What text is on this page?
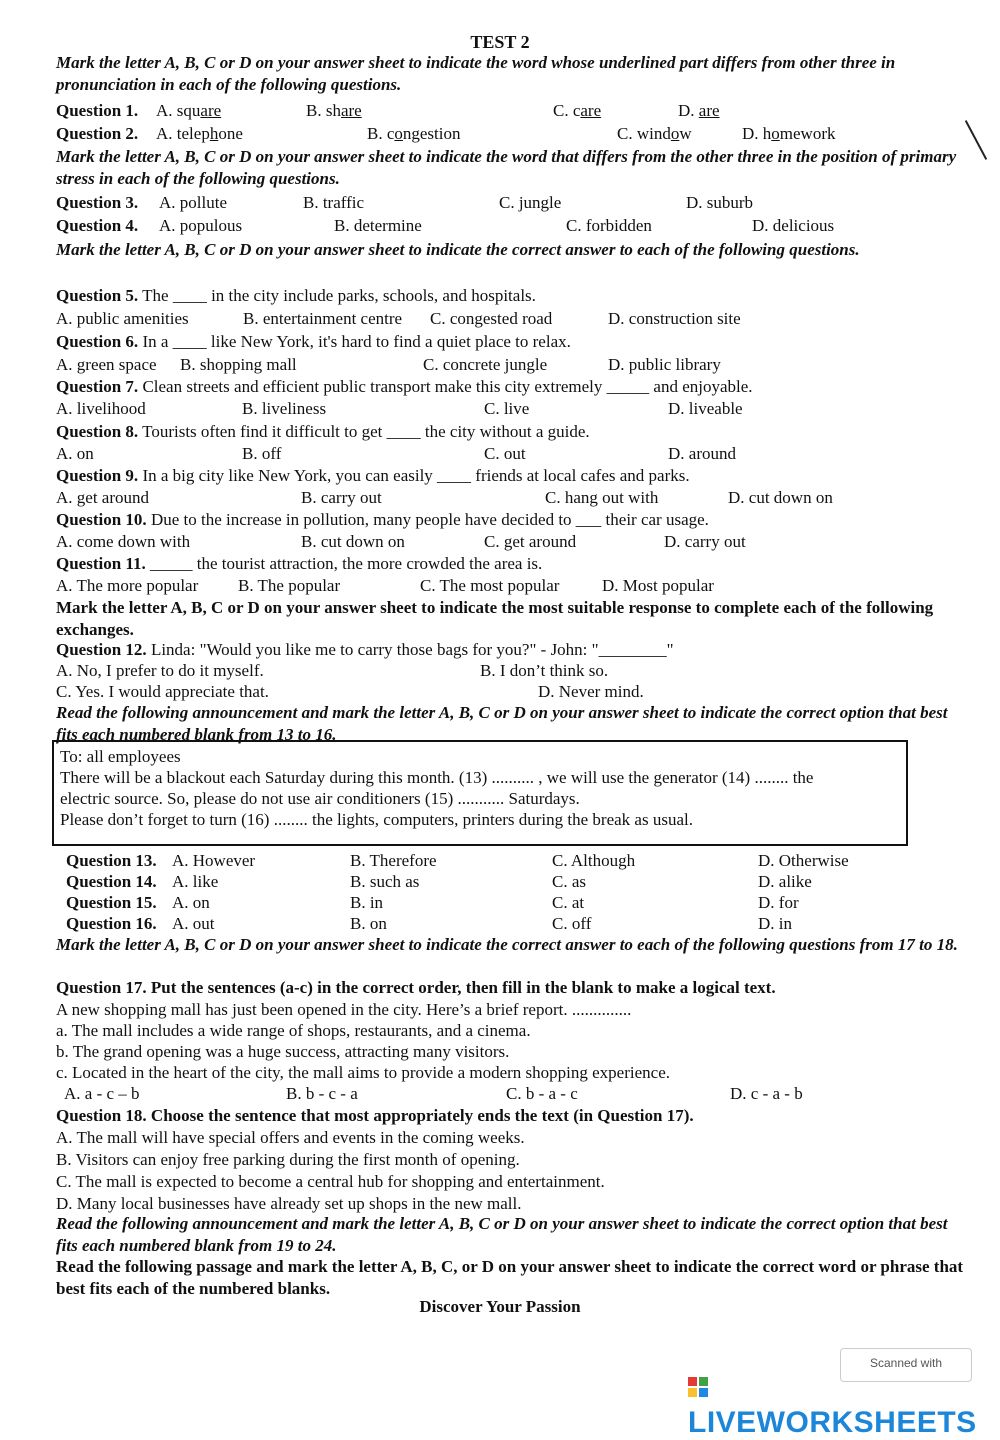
TEST 2
Mark the letter A, B, C or D on your answer sheet to indicate the word whose underlined part differs from other three in pronunciation in each of the following questions.
Question 1. A. square	B. share	C. care	D. are
Question 2. A. telephone	B. congestion	C. window	D. homework
Mark the letter A, B, C or D on your answer sheet to indicate the word that differs from the other three in the position of primary stress in each of the following questions.
Question 3. A. pollute	B. traffic	C. jungle	D. suburb
Question 4. A. populous	B. determine	C. forbidden	D. delicious
Mark the letter A, B, C or D on your answer sheet to indicate the correct answer to each of the following questions.
Question 5. The ____ in the city include parks, schools, and hospitals.
A. public amenities	B. entertainment centre C. congested road	D. construction site
Question 6. In a ____ like New York, it's hard to find a quiet place to relax.
A. green space B. shopping mall	C. concrete jungle	D. public library
Question 7. Clean streets and efficient public transport make this city extremely _____ and enjoyable.
A. livelihood	B. liveliness	C. live	D. liveable
Question 8. Tourists often find it difficult to get ____ the city without a guide.
A. on	B. off	C. out	D. around
Question 9. In a big city like New York, you can easily ____ friends at local cafes and parks.
A. get around	B. carry out	C. hang out with	D. cut down on
Question 10. Due to the increase in pollution, many people have decided to ___ their car usage.
A. come down with	B. cut down on	C. get around	D. carry out
Question 11. _____ the tourist attraction, the more crowded the area is.
A. The more popular B. The popular	C. The most popular	D. Most popular
Mark the letter A, B, C or D on your answer sheet to indicate the most suitable response to complete each of the following exchanges.
Question 12. Linda: "Would you like me to carry those bags for you?" - John: "________"
A. No, I prefer to do it myself.	B. I don’t think so.
C. Yes. I would appreciate that.	D. Never mind.
Read the following announcement and mark the letter A, B, C or D on your answer sheet to indicate the correct option that best fits each numbered blank from 13 to 16.
To: all employees
There will be a blackout each Saturday during this month. (13) .......... , we will use the generator (14) ........ the
electric source. So, please do not use air conditioners (15) ........... Saturdays.
Please don’t forget to turn (16) ........ the lights, computers, printers during the break as usual.
Question 13. A. However	B. Therefore	C. Although	D. Otherwise
Question 14. A. like	B. such as	C. as	D. alike
Question 15. A. on	B. in	C. at	D. for
Question 16. A. out	B. on	C. off	D. in
Mark the letter A, B, C or D on your answer sheet to indicate the correct answer to each of the following questions from 17 to 18.
Question 17. Put the sentences (a-c) in the correct order, then fill in the blank to make a logical text.
A new shopping mall has just been opened in the city. Here’s a brief report. ..............
a. The mall includes a wide range of shops, restaurants, and a cinema.
b. The grand opening was a huge success, attracting many visitors.
c. Located in the heart of the city, the mall aims to provide a modern shopping experience.
A. a - c – b	B. b - c - a	C. b - a - c	D. c - a - b
Question 18. Choose the sentence that most appropriately ends the text (in Question 17).
A. The mall will have special offers and events in the coming weeks.
B. Visitors can enjoy free parking during the first month of opening.
C. The mall is expected to become a central hub for shopping and entertainment.
D. Many local businesses have already set up shops in the new mall.
Read the following announcement and mark the letter A, B, C or D on your answer sheet to indicate the correct option that best fits each numbered blank from 19 to 24.
Read the following passage and mark the letter A, B, C, or D on your answer sheet to indicate the correct word or phrase that best fits each of the numbered blanks.
Discover Your Passion
Scanned with
LIVEWORKSHEETS
